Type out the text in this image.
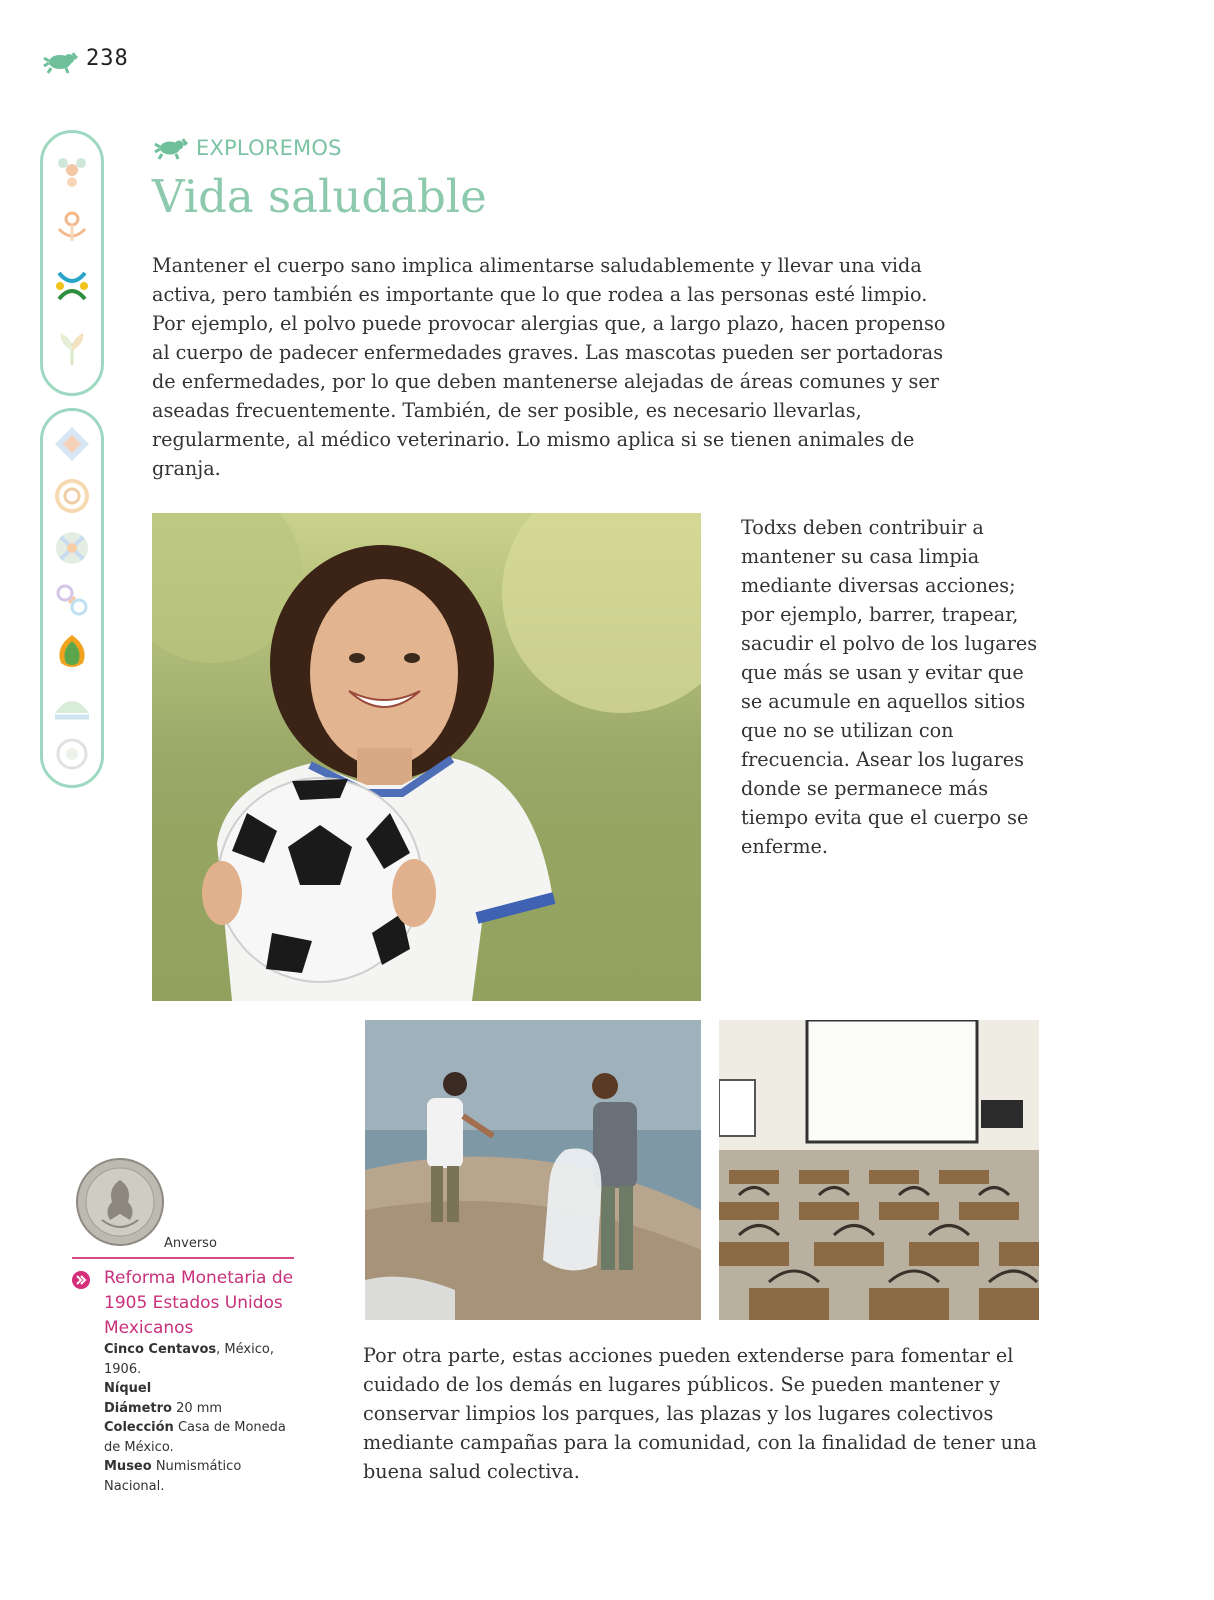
238
EXPLOREMOS
Vida saludable

Mantener el cuerpo sano implica alimentarse saludablemente y llevar una vida activa, pero también es importante que lo que rodea a las personas esté limpio. Por ejemplo, el polvo puede provocar alergias que, a largo plazo, hacen propenso al cuerpo de padecer enfermedades graves. Las mascotas pueden ser portadoras de enfermedades, por lo que deben mantenerse alejadas de áreas comunes y ser aseadas frecuentemente. También, de ser posible, es necesario llevarlas, regularmente, al médico veterinario. Lo mismo aplica si se tienen animales de granja.

Todxs deben contribuir a mantener su casa limpia mediante diversas acciones; por ejemplo, barrer, trapear, sacudir el polvo de los lugares que más se usan y evitar que se acumule en aquellos sitios que no se utilizan con frecuencia. Asear los lugares donde se permanece más tiempo evita que el cuerpo se enferme.

Anverso

Reforma Monetaria de 1905 Estados Unidos Mexicanos

Cinco Centavos, México, 1906.
Níquel
Diámetro 20 mm
Colección Casa de Moneda de México.
Museo Numismático Nacional.

Por otra parte, estas acciones pueden extenderse para fomentar el cuidado de los demás en lugares públicos. Se pueden mantener y conservar limpios los parques, las plazas y los lugares colectivos mediante campañas para la comunidad, con la finalidad de tener una buena salud colectiva.
